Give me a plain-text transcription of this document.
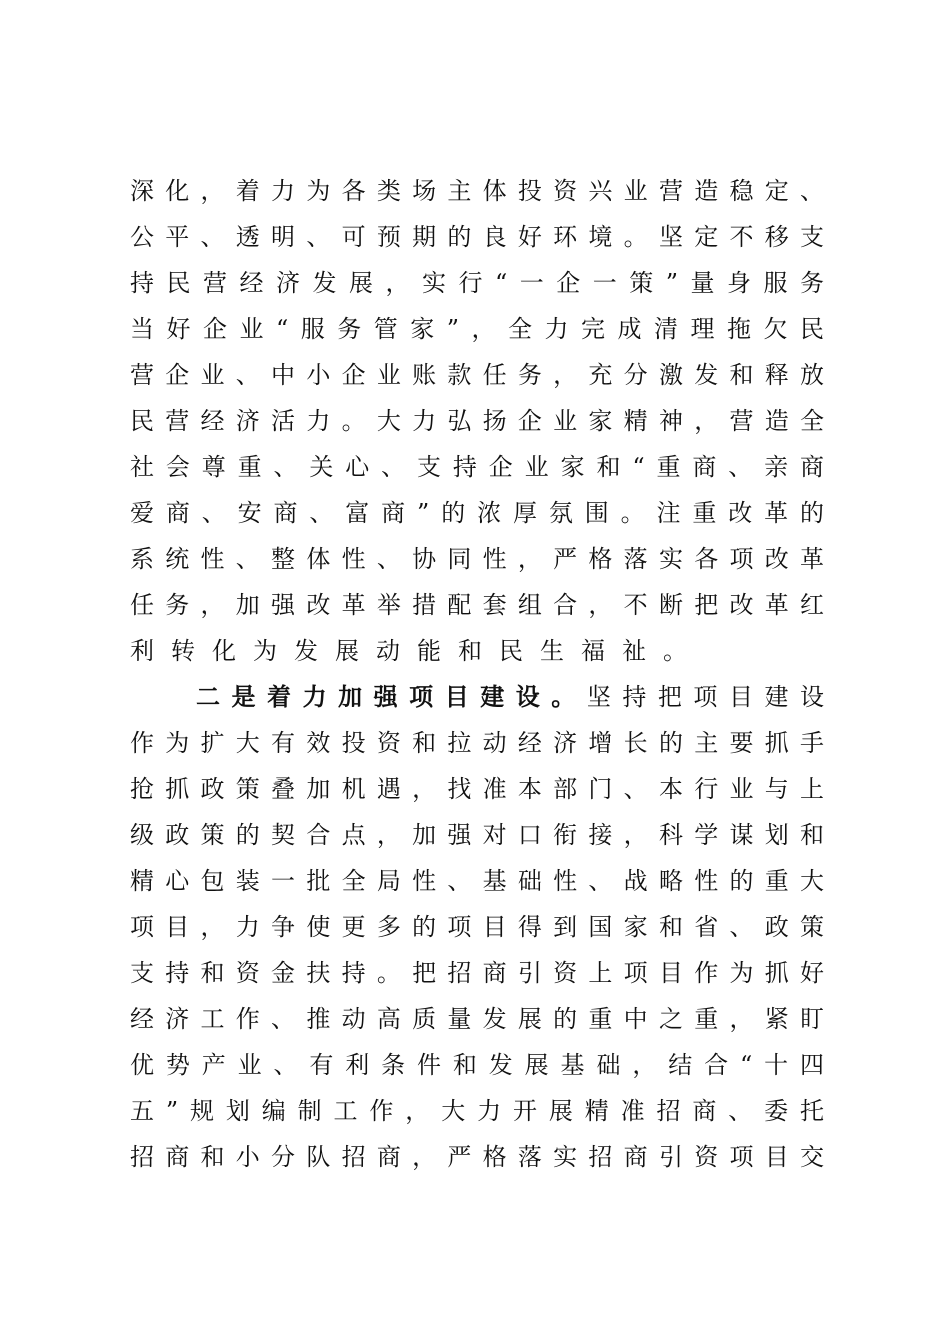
深化，着力为各类场主体投资兴业营造稳定、
公平、透明、可预期的良好环境。坚定不移支
持民营经济发展，实行“一企一策”量身服务
当好企业“服务管家”，全力完成清理拖欠民
营企业、中小企业账款任务，充分激发和释放
民营经济活力。大力弘扬企业家精神，营造全
社会尊重、关心、支持企业家和“重商、亲商
爱商、安商、富商”的浓厚氛围。注重改革的
系统性、整体性、协同性，严格落实各项改革
任务，加强改革举措配套组合，不断把改革红
利转化为发展动能和民生福祉。
二是着力加强项目建设。坚持把项目建设
作为扩大有效投资和拉动经济增长的主要抓手
抢抓政策叠加机遇，找准本部门、本行业与上
级政策的契合点，加强对口衔接，科学谋划和
精心包装一批全局性、基础性、战略性的重大
项目，力争使更多的项目得到国家和省、政策
支持和资金扶持。把招商引资上项目作为抓好
经济工作、推动高质量发展的重中之重，紧盯
优势产业、有利条件和发展基础，结合“十四
五”规划编制工作，大力开展精准招商、委托
招商和小分队招商，严格落实招商引资项目交
